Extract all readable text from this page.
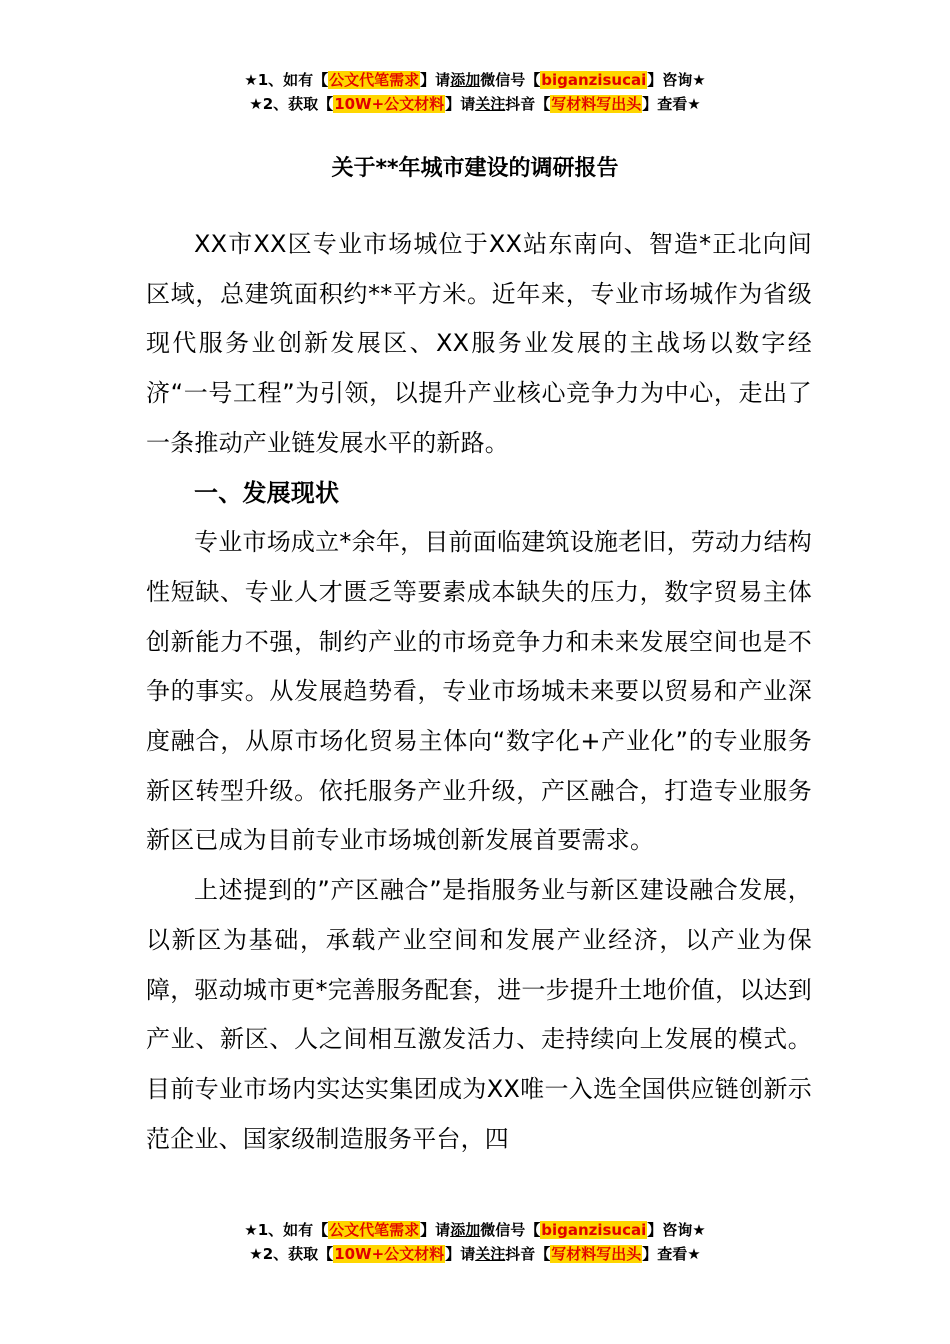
★1、如有【公文代笔需求】请添加微信号【biganzisucai】咨询★
★2、获取【10W+公文材料】请关注抖音【写材料写出头】查看★
关于**年城市建设的调研报告

XX市XX区专业市场城位于XX站东南向、智造*正北向间区域，总建筑面积约**平方米。近年来，专业市场城作为省级现代服务业创新发展区、XX服务业发展的主战场以数字经济“一号工程”为引领，以提升产业核心竞争力为中心，走出了一条推动产业链发展水平的新路。

一、发展现状

专业市场成立*余年，目前面临建筑设施老旧，劳动力结构性短缺、专业人才匮乏等要素成本缺失的压力，数字贸易主体创新能力不强，制约产业的市场竞争力和未来发展空间也是不争的事实。从发展趋势看，专业市场城未来要以贸易和产业深度融合，从原市场化贸易主体向“数字化+产业化”的专业服务新区转型升级。依托服务产业升级，产区融合，打造专业服务新区已成为目前专业市场城创新发展首要需求。

上述提到的”产区融合”是指服务业与新区建设融合发展，以新区为基础，承载产业空间和发展产业经济，以产业为保障，驱动城市更*完善服务配套，进一步提升土地价值，以达到产业、新区、人之间相互激发活力、走持续向上发展的模式。目前专业市场内实达实集团成为XX唯一入选全国供应链创新示范企业、国家级制造服务平台，四

★1、如有【公文代笔需求】请添加微信号【biganzisucai】咨询★
★2、获取【10W+公文材料】请关注抖音【写材料写出头】查看★
